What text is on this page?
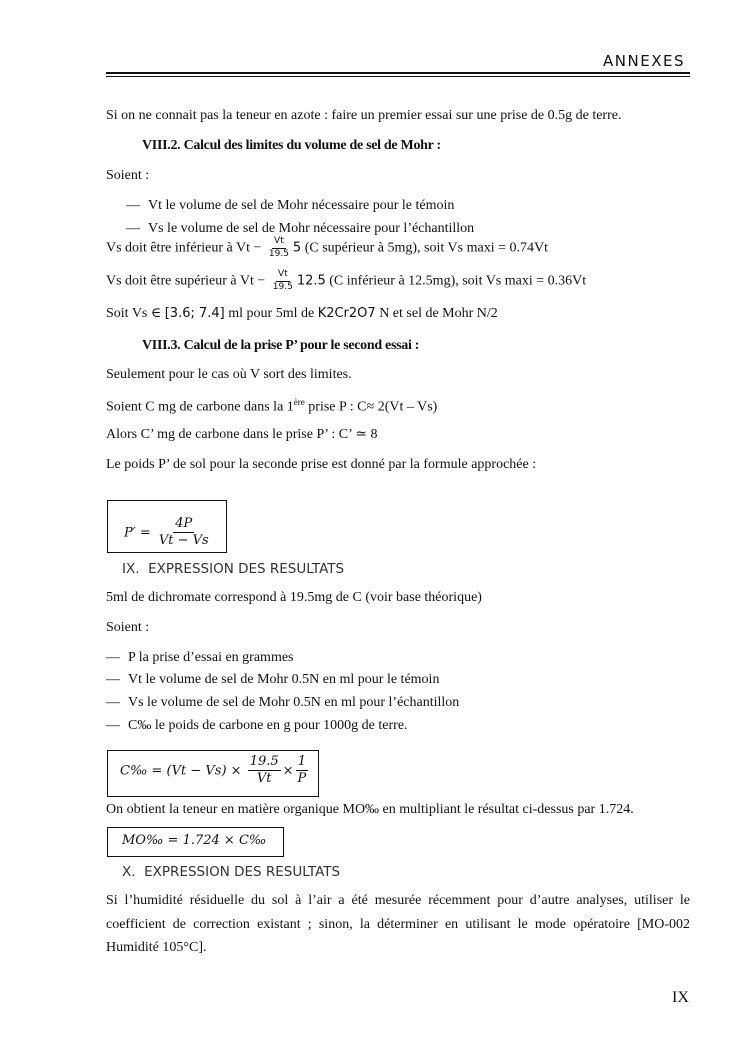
ANNEXES
Si on ne connait pas la teneur en azote : faire un premier essai sur une prise de 0.5g de terre.
VIII.2. Calcul des limites du volume de sel de Mohr :
Soient :
— Vt le volume de sel de Mohr nécessaire pour le témoin
— Vs le volume de sel de Mohr nécessaire pour l’échantillon
Vs doit être inférieur à $Vt - \frac{Vt}{19.5} 5$ (C supérieur à 5mg), soit Vs maxi = 0.74Vt
Vs doit être supérieur à $Vt - \frac{Vt}{19.5} 12.5$ (C inférieur à 12.5mg), soit Vs maxi = 0.36Vt
Soit Vs ∈ [3.6; 7.4] ml pour 5ml de K2Cr2O7 N et sel de Mohr N/2
VIII.3. Calcul de la prise P’ pour le second essai :
Seulement pour le cas où V sort des limites.
Soient C mg de carbone dans la 1ère prise P : C≈ 2(Vt – Vs)
Alors C’ mg de carbone dans le prise P’ : C’ ≃ 8
Le poids P’ de sol pour la seconde prise est donné par la formule approchée :
$P' = \frac{4P}{Vt - Vs}$
IX. EXPRESSION DES RESULTATS
5ml de dichromate correspond à 19.5mg de C (voir base théorique)
Soient :
— P la prise d’essai en grammes
— Vt le volume de sel de Mohr 0.5N en ml pour le témoin
— Vs le volume de sel de Mohr 0.5N en ml pour l’échantillon
— C‰ le poids de carbone en g pour 1000g de terre.
C‰ = $(Vt - Vs) \times \frac{19.5}{Vt} \times \frac{1}{P}$
On obtient la teneur en matière organique MO‰ en multipliant le résultat ci-dessus par 1.724.
MO‰ = 1.724 × C‰
X. EXPRESSION DES RESULTATS
Si l’humidité résiduelle du sol à l’air a été mesurée récemment pour d’autre analyses, utiliser le
coefficient de correction existant ; sinon, la déterminer en utilisant le mode opératoire [MO-002
Humidité 105°C].
IX
